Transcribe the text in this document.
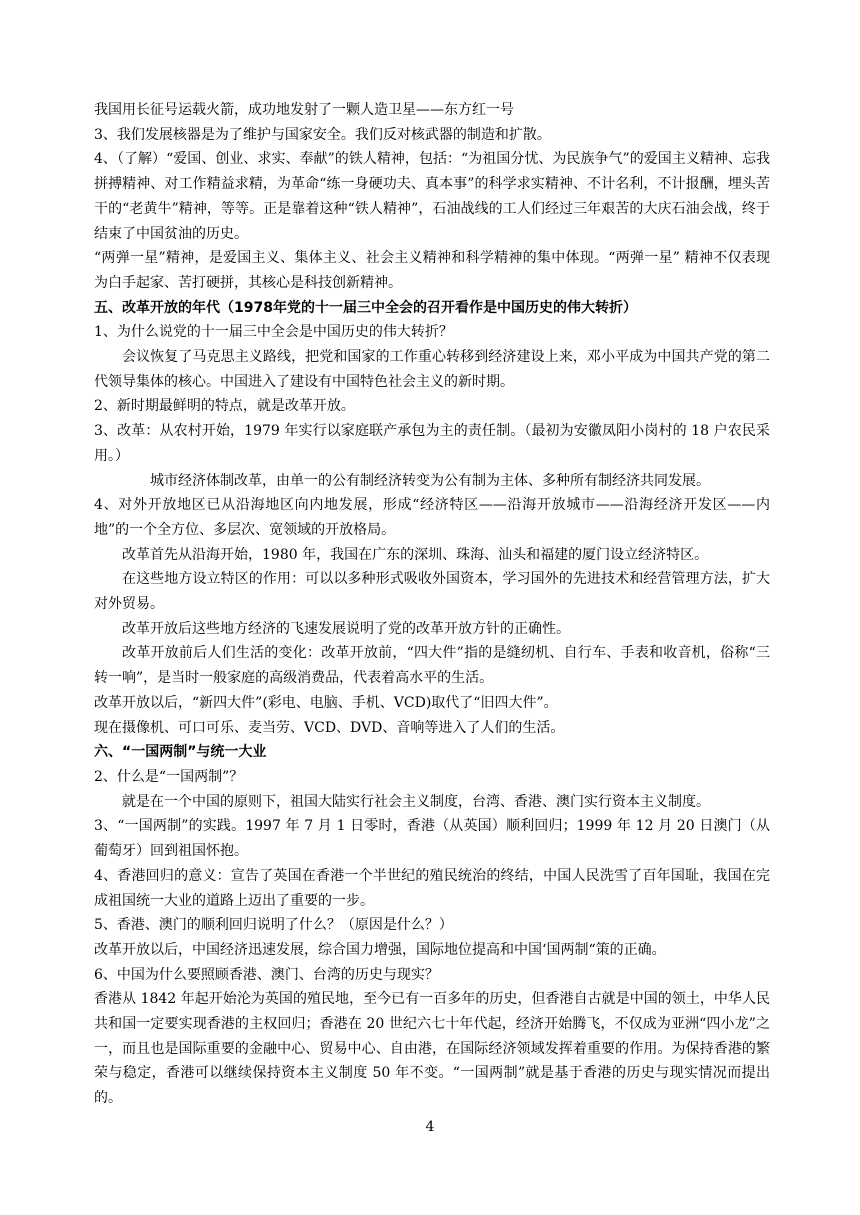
我国用长征号运载火箭，成功地发射了一颗人造卫星——东方红一号
3、我们发展核器是为了维护与国家安全。我们反对核武器的制造和扩散。
4、（了解）“爱国、创业、求实、奉献”的铁人精神，包括：“为祖国分忧、为民族争气”的爱国主义精神、忘我拼搏精神、对工作精益求精，为革命“练一身硬功夫、真本事”的科学求实精神、不计名利，不计报酬，埋头苦干的“老黄牛”精神，等等。正是靠着这种“铁人精神”，石油战线的工人们经过三年艰苦的大庆石油会战，终于结束了中国贫油的历史。
“两弹一星”精神，是爱国主义、集体主义、社会主义精神和科学精神的集中体现。“两弹一星” 精神不仅表现为白手起家、苦打硬拼，其核心是科技创新精神。
五、改革开放的年代（1978年党的十一届三中全会的召开看作是中国历史的伟大转折）
1、为什么说党的十一届三中全会是中国历史的伟大转折？
会议恢复了马克思主义路线，把党和国家的工作重心转移到经济建设上来，邓小平成为中国共产党的第二代领导集体的核心。中国进入了建设有中国特色社会主义的新时期。
2、新时期最鲜明的特点，就是改革开放。
3、改革：从农村开始，1979 年实行以家庭联产承包为主的责任制。（最初为安徽凤阳小岗村的 18 户农民采用。）
城市经济体制改革，由单一的公有制经济转变为公有制为主体、多种所有制经济共同发展。
4、对外开放地区已从沿海地区向内地发展，形成“经济特区——沿海开放城市——沿海经济开发区——内地”的一个全方位、多层次、宽领域的开放格局。
改革首先从沿海开始，1980 年，我国在广东的深圳、珠海、汕头和福建的厦门设立经济特区。
在这些地方设立特区的作用：可以以多种形式吸收外国资本，学习国外的先进技术和经营管理方法，扩大对外贸易。
改革开放后这些地方经济的飞速发展说明了党的改革开放方针的正确性。
改革开放前后人们生活的变化：改革开放前，“四大件”指的是缝纫机、自行车、手表和收音机，俗称“三转一响”，是当时一般家庭的高级消费品，代表着高水平的生活。
改革开放以后，“新四大件”(彩电、电脑、手机、VCD)取代了“旧四大件”。
现在摄像机、可口可乐、麦当劳、VCD、DVD、音响等进入了人们的生活。
六、“一国两制”与统一大业
2、什么是“一国两制”？
就是在一个中国的原则下，祖国大陆实行社会主义制度，台湾、香港、澳门实行资本主义制度。
3、“一国两制”的实践。1997 年 7 月 1 日零时，香港（从英国）顺利回归；1999 年 12 月 20 日澳门（从葡萄牙）回到祖国怀抱。
4、香港回归的意义：宣告了英国在香港一个半世纪的殖民统治的终结，中国人民洗雪了百年国耻，我国在完成祖国统一大业的道路上迈出了重要的一步。
5、香港、澳门的顺利回归说明了什么？（原因是什么？）
改革开放以后，中国经济迅速发展，综合国力增强，国际地位提高和中国‘国两制“策的正确。
6、中国为什么要照顾香港、澳门、台湾的历史与现实？
香港从 1842 年起开始沦为英国的殖民地，至今已有一百多年的历史，但香港自古就是中国的领土，中华人民共和国一定要实现香港的主权回归；香港在 20 世纪六七十年代起，经济开始腾飞，不仅成为亚洲“四小龙”之一，而且也是国际重要的金融中心、贸易中心、自由港，在国际经济领域发挥着重要的作用。为保持香港的繁荣与稳定，香港可以继续保持资本主义制度 50 年不变。“一国两制”就是基于香港的历史与现实情况而提出的。
4
